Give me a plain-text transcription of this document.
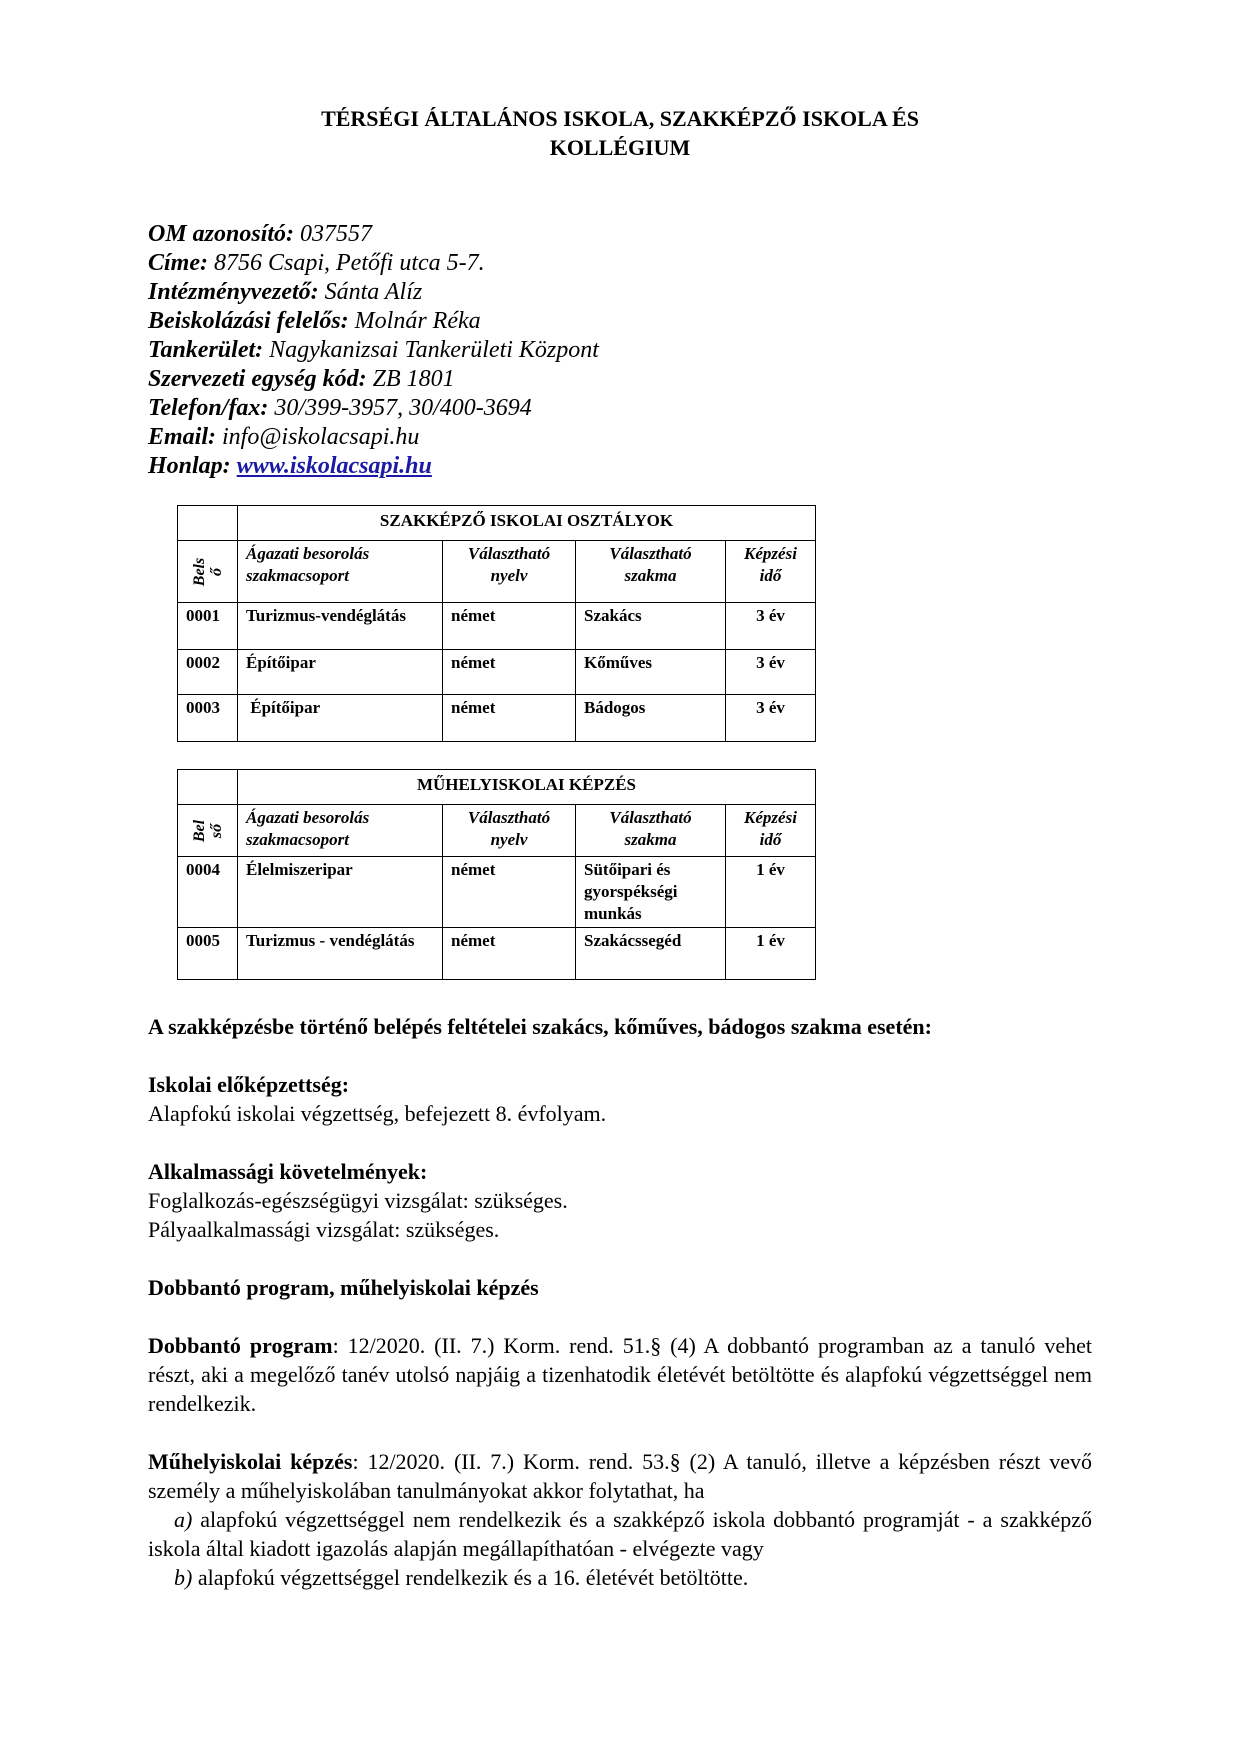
TÉRSÉGI ÁLTALÁNOS ISKOLA, SZAKKÉPZŐ ISKOLA ÉS
KOLLÉGIUM
OM azonosító: 037557
Címe: 8756 Csapi, Petőfi utca 5-7.
Intézményvezető: Sánta Alíz
Beiskolázási felelős: Molnár Réka
Tankerület: Nagykanizsai Tankerületi Központ
Szervezeti egység kód: ZB 1801
Telefon/fax: 30/399-3957, 30/400-3694
Email: info@iskolacsapi.hu
Honlap: www.iskolacsapi.hu
	SZAKKÉPZŐ ISKOLAI OSZTÁLYOK			

Bels
ő	Ágazati besorolás szakmacsoport	Választható nyelv	Választható szakma	Képzési idő
0001	Turizmus-vendéglátás	német	Szakács	3 év
0002	Építőipar	német	Kőműves	3 év
0003	Építőipar	német	Bádogos	3 év
	MŰHELYISKOLAI KÉPZÉS			

Bel
ső	Ágazati besorolás szakmacsoport	Választható nyelv	Választható szakma	Képzési idő
0004	Élelmiszeripar	német	Sütőipari és gyorspékségi munkás	1 év
0005	Turizmus - vendéglátás	német	Szakácssegéd	1 év

A szakképzésbe történő belépés feltételei szakács, kőműves, bádogos szakma esetén:

Iskolai előképzettség:

Alapfokú iskolai végzettség, befejezett 8. évfolyam.

Alkalmassági követelmények:

Foglalkozás-egészségügyi vizsgálat: szükséges.

Pályaalkalmassági vizsgálat: szükséges.

Dobbantó program, műhelyiskolai képzés

Dobbantó program: 12/2020. (II. 7.) Korm. rend. 51.§ (4) A dobbantó programban az a tanuló vehet részt, aki a megelőző tanév utolsó napjáig a tizenhatodik életévét betöltötte és alapfokú végzettséggel nem rendelkezik.

Műhelyiskolai képzés: 12/2020. (II. 7.) Korm. rend. 53.§ (2) A tanuló, illetve a képzésben részt vevő személy a műhelyiskolában tanulmányokat akkor folytathat, ha

a) alapfokú végzettséggel nem rendelkezik és a szakképző iskola dobbantó programját - a szakképző iskola által kiadott igazolás alapján megállapíthatóan - elvégezte vagy

b) alapfokú végzettséggel rendelkezik és a 16. életévét betöltötte.
